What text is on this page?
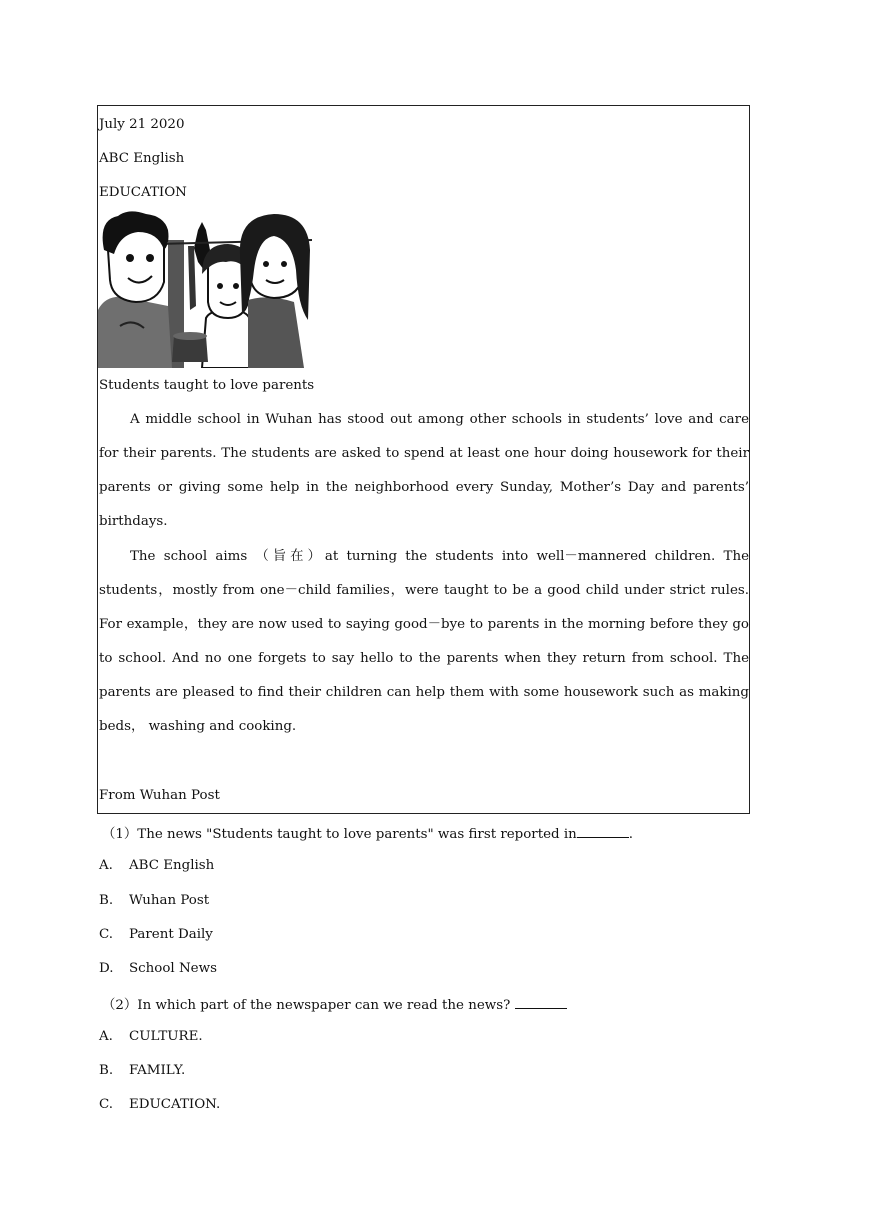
July 21 2020
ABC English
EDUCATION
Students taught to love parents

A middle school in Wuhan has stood out among other schools in students’ love and care for their parents. The students are asked to spend at least one hour doing housework for their parents or giving some help in the neighborhood every Sunday, Mother’s Day and parents’ birthdays.

The school aims （旨在）at turning the students into well－mannered children. The students，mostly from one－child families，were taught to be a good child under strict rules. For example，they are now used to saying good－bye to parents in the morning before they go to school. And no one forgets to say hello to the parents when they return from school. The parents are pleased to find their children can help them with some housework such as making beds， washing and cooking.

From Wuhan Post
（1）The news "Students taught to love parents" was first reported in	.
A. ABC English
B. Wuhan Post
C. Parent Daily
D. School News
（2）In which part of the newspaper can we read the news?
A. CULTURE.
B. FAMILY.
C. EDUCATION.
